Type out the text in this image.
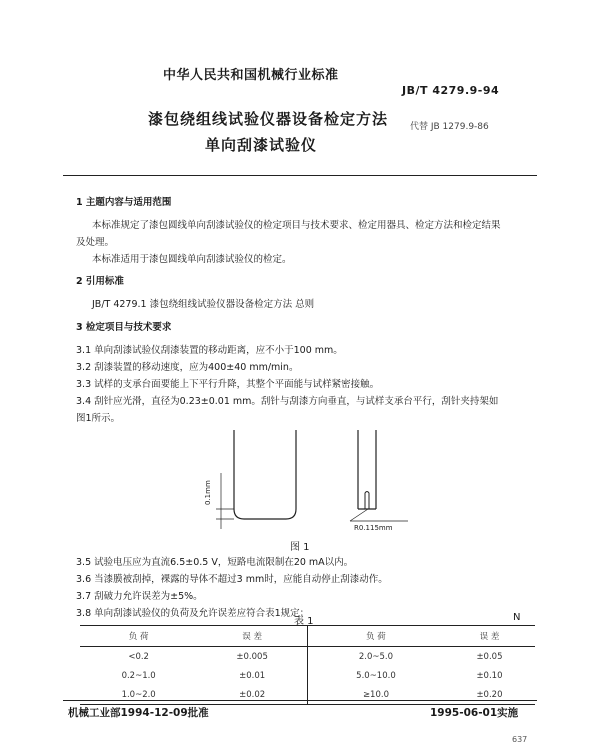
中华人民共和国机械行业标准
JB/T 4279.9-94
漆包绕组线试验仪器设备检定方法
单向刮漆试验仪
代替 JB 1279.9-86
1 主题内容与适用范围
本标准规定了漆包圆线单向刮漆试验仪的检定项目与技术要求、检定用器具、检定方法和检定结果
及处理。
本标准适用于漆包圆线单向刮漆试验仪的检定。
2 引用标准
JB/T 4279.1 漆包绕组线试验仪器设备检定方法 总则
3 检定项目与技术要求
3.1 单向刮漆试验仪刮漆装置的移动距离，应不小于100 mm。
3.2 刮漆装置的移动速度，应为400±40 mm/min。
3.3 试样的支承台面要能上下平行升降，其整个平面能与试样紧密接触。
3.4 刮针应光滑，直径为0.23±0.01 mm。刮针与刮漆方向垂直，与试样支承台平行，刮针夹持架如
图1所示。
0.1mm
R0.115mm
图 1
3.5 试验电压应为直流6.5±0.5 V，短路电流限制在20 mA以内。
3.6 当漆膜被刮掉，裸露的导体不超过3 mm时，应能自动停止刮漆动作。
3.7 刮破力允许误差为±5%。
3.8 单向刮漆试验仪的负荷及允许误差应符合表1规定：
表 1	N
负 荷	误 差	负 荷	误 差
<0.2	±0.005	2.0~5.0	±0.05
0.2~1.0	±0.01	5.0~10.0	±0.10
1.0~2.0	±0.02	≥10.0	±0.20
机械工业部1994-12-09批准	1995-06-01实施
637
